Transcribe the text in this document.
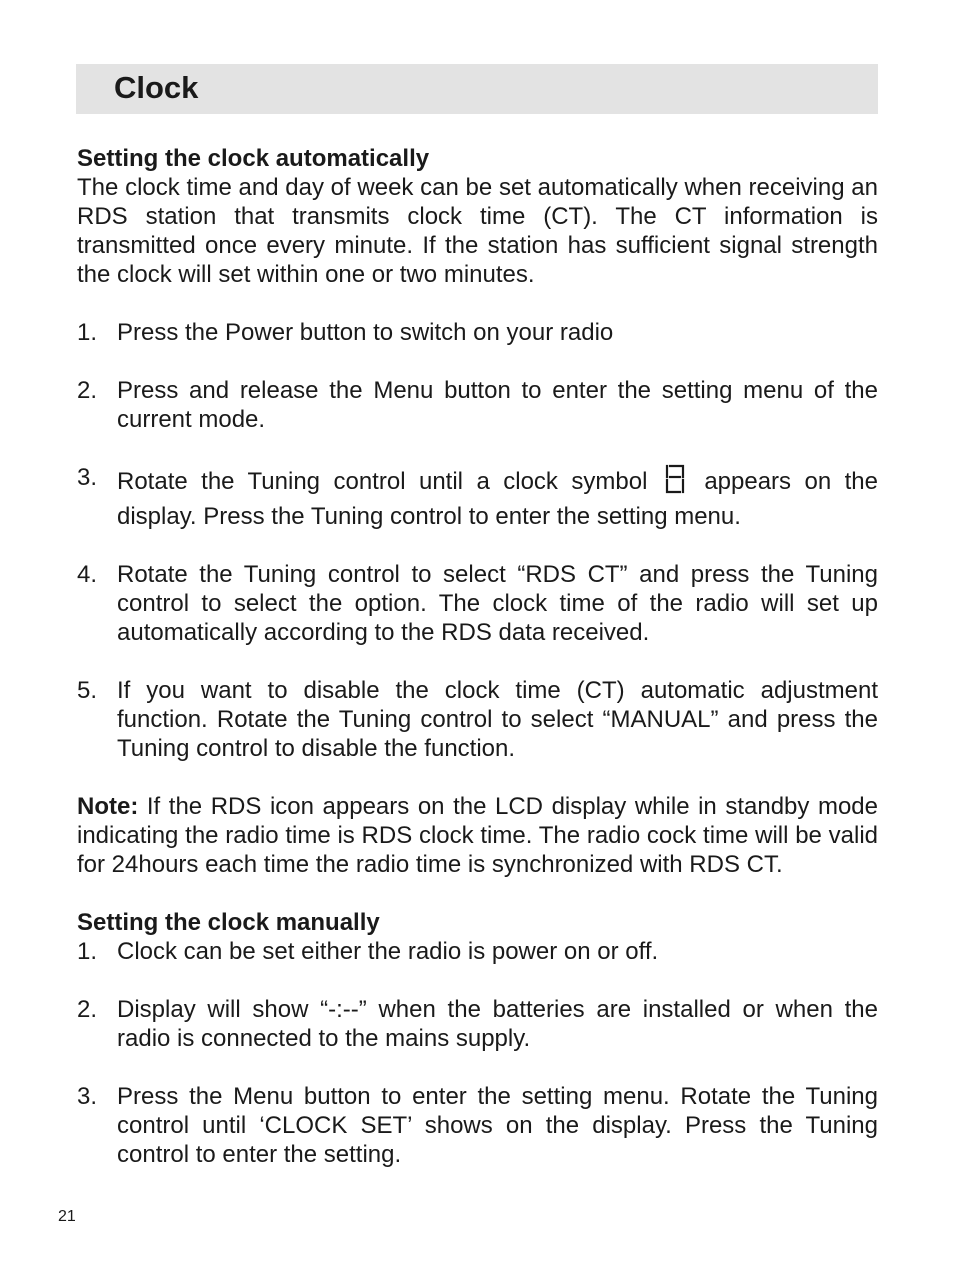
Clock
Setting the clock automatically

The clock time and day of week can be set automatically when receiving an RDS station that transmits clock time (CT). The CT information is transmitted once every minute. If the station has sufficient signal strength the clock will set within one or two minutes.

1. Press the Power button to switch on your radio
2. Press and release the Menu button to enter the setting menu of the current mode.
3. Rotate the Tuning control until a clock symbol appears on the display. Press the Tuning control to enter the setting menu.
4. Rotate the Tuning control to select “RDS CT” and press the Tuning control to select the option. The clock time of the radio will set up automatically according to the RDS data received.
5. If you want to disable the clock time (CT) automatic adjustment function. Rotate the Tuning control to select “MANUAL” and press the Tuning control to disable the function.

Note: If the RDS icon appears on the LCD display while in standby mode indicating the radio time is RDS clock time. The radio cock time will be valid for 24hours each time the radio time is synchronized with RDS CT.

Setting the clock manually
1. Clock can be set either the radio is power on or off.
2. Display will show “-:--” when the batteries are installed or when the radio is connected to the mains supply.
3. Press the Menu button to enter the setting menu. Rotate the Tuning control until ‘CLOCK SET’ shows on the display. Press the Tuning control to enter the setting.
21
